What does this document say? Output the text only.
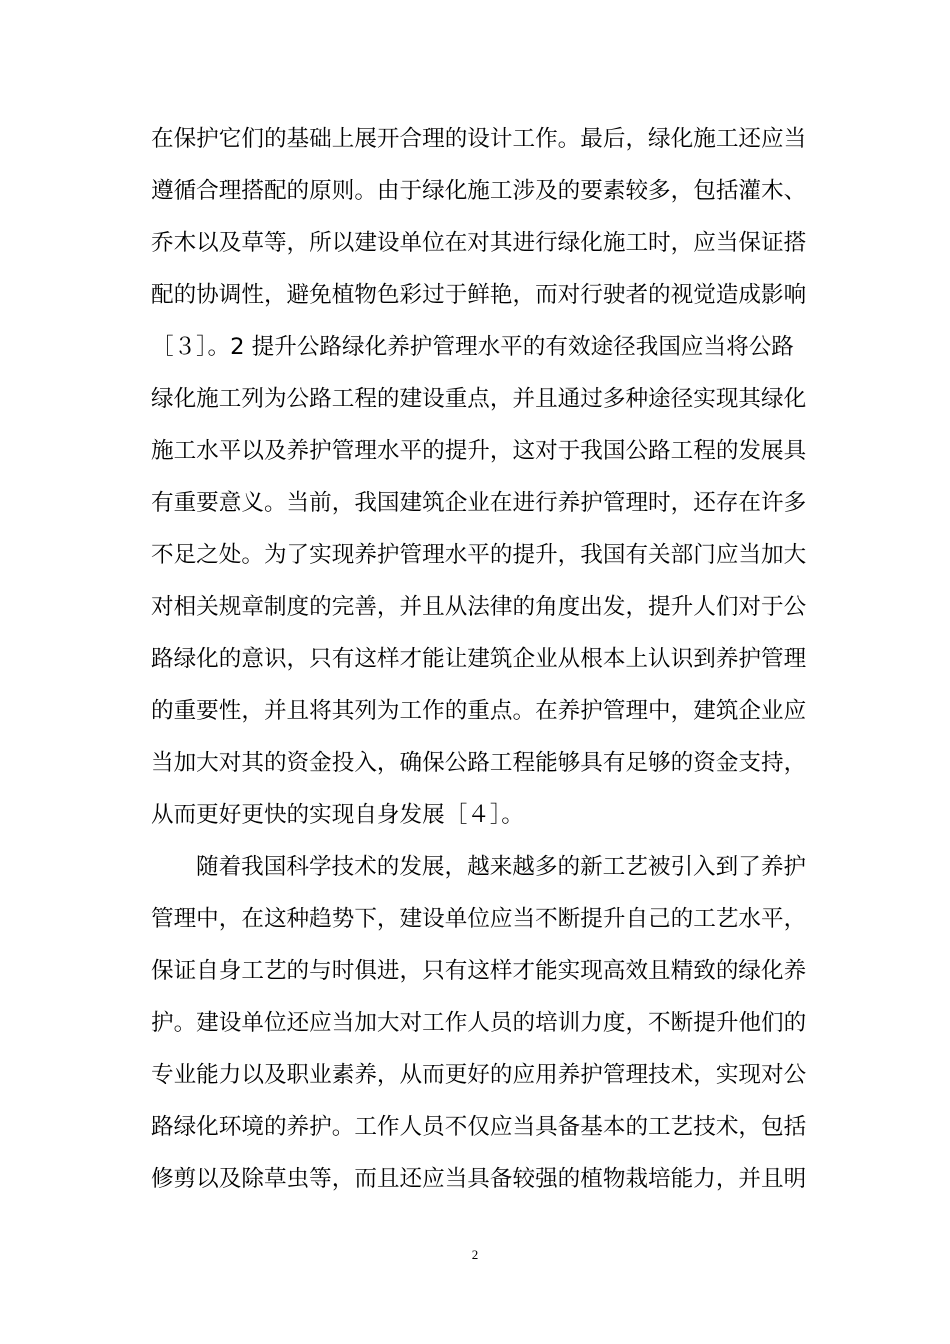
在保护它们的基础上展开合理的设计工作。最后，绿化施工还应当
遵循合理搭配的原则。由于绿化施工涉及的要素较多，包括灌木、
乔木以及草等，所以建设单位在对其进行绿化施工时，应当保证搭
配的协调性，避免植物色彩过于鲜艳，而对行驶者的视觉造成影响
［３］。2 提升公路绿化养护管理水平的有效途径我国应当将公路
绿化施工列为公路工程的建设重点，并且通过多种途径实现其绿化
施工水平以及养护管理水平的提升，这对于我国公路工程的发展具
有重要意义。当前，我国建筑企业在进行养护管理时，还存在许多
不足之处。为了实现养护管理水平的提升，我国有关部门应当加大
对相关规章制度的完善，并且从法律的角度出发，提升人们对于公
路绿化的意识，只有这样才能让建筑企业从根本上认识到养护管理
的重要性，并且将其列为工作的重点。在养护管理中，建筑企业应
当加大对其的资金投入，确保公路工程能够具有足够的资金支持，
从而更好更快的实现自身发展［４］。
随着我国科学技术的发展，越来越多的新工艺被引入到了养护
管理中，在这种趋势下，建设单位应当不断提升自己的工艺水平，
保证自身工艺的与时俱进，只有这样才能实现高效且精致的绿化养
护。建设单位还应当加大对工作人员的培训力度，不断提升他们的
专业能力以及职业素养，从而更好的应用养护管理技术，实现对公
路绿化环境的养护。工作人员不仅应当具备基本的工艺技术，包括
修剪以及除草虫等，而且还应当具备较强的植物栽培能力，并且明
2
